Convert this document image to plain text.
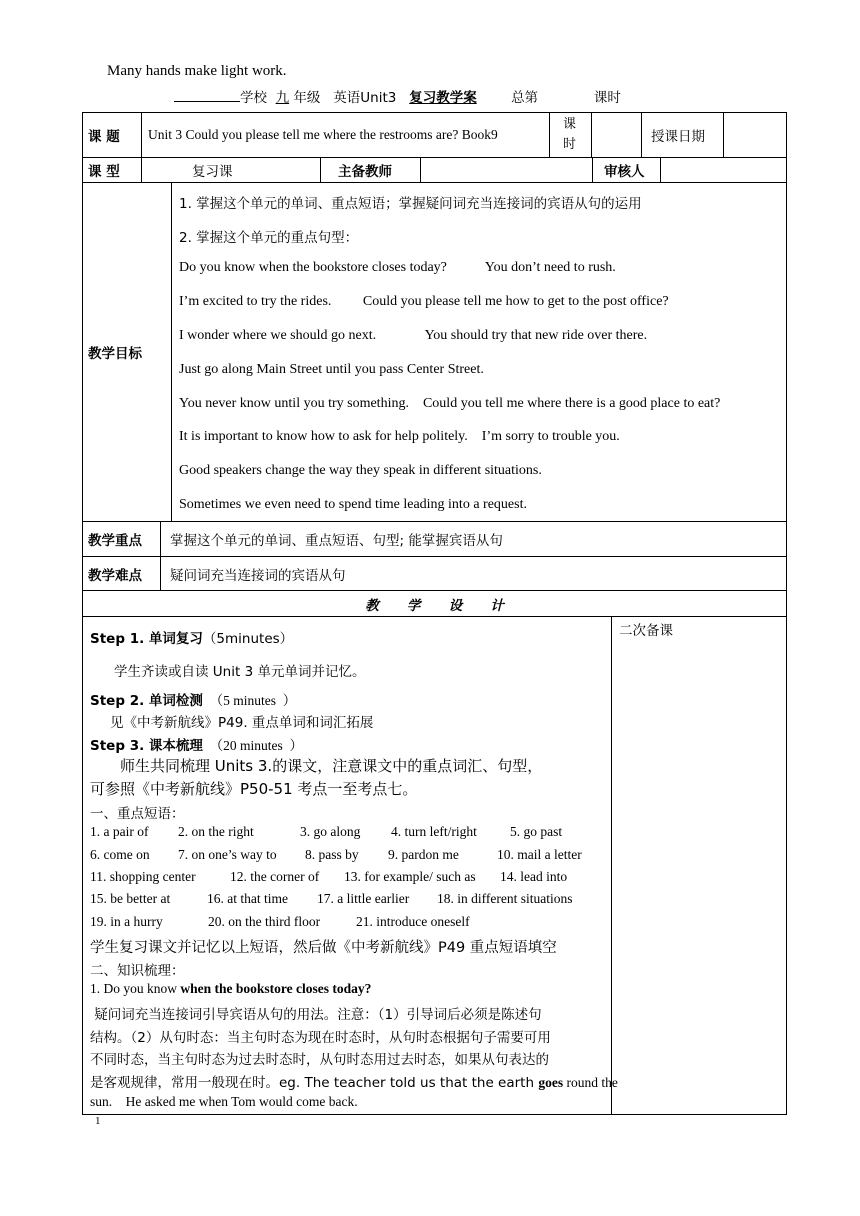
Many hands make light work.
学校 九 年级 英语Unit3 复习教学案	总第	课时
课 题	Unit 3 Could you please tell me where the restrooms are? Book9
课
时	授课日期
课 型	复习课	主备教师	审核人
教学目标
1. 掌握这个单元的单词、重点短语；掌握疑问词充当连接词的宾语从句的运用
2. 掌握这个单元的重点句型：
Do you know when the bookstore closes today?           You don’t need to rush.
I’m excited to try the rides.         Could you please tell me how to get to the post office?
I wonder where we should go next.              You should try that new ride over there.
Just go along Main Street until you pass Center Street.
You never know until you try something.    Could you tell me where there is a good place to eat?
It is important to know how to ask for help politely.    I’m sorry to trouble you.
Good speakers change the way they speak in different situations.
Sometimes we even need to spend time leading into a request.
教学重点	掌握这个单元的单词、重点短语、句型; 能掌握宾语从句
教学难点	疑问词充当连接词的宾语从句
教      学      设      计
二次备课
Step 1. 单词复习（5minutes）
学生齐读或自读 Unit 3 单元单词并记忆。
Step 2. 单词检测 （5 minutes  ）
见《中考新航线》P49. 重点单词和词汇拓展
Step 3. 课本梳理 （20 minutes  ）
师生共同梳理 Units 3.的课文，注意课文中的重点词汇、句型，
可参照《中考新航线》P50-51 考点一至考点七。
一、重点短语：
1. a pair of 2. on the right	3. go along 4. turn left/right 5. go past
6. come on 7. on one’s way to 8. pass by 9. pardon me	10. mail a letter
11. shopping center	12. the corner of 13. for example/ such as 14. lead into
15. be better at	16. at that time 17. a little earlier 18. in different situations
19. in a hurry	20. on the third floor	21. introduce oneself
学生复习课文并记忆以上短语，然后做《中考新航线》P49 重点短语填空
二、知识梳理：
1. Do you know when the bookstore closes today?
疑问词充当连接词引导宾语从句的用法。注意：（1）引导词后必须是陈述句
结构。（2）从句时态：当主句时态为现在时态时，从句时态根据句子需要可用
不同时态，当主句时态为过去时态时，从句时态用过去时态，如果从句表达的
是客观规律，常用一般现在时。eg. The teacher told us that the earth goes round the
sun.    He asked me when Tom would come back.
1
